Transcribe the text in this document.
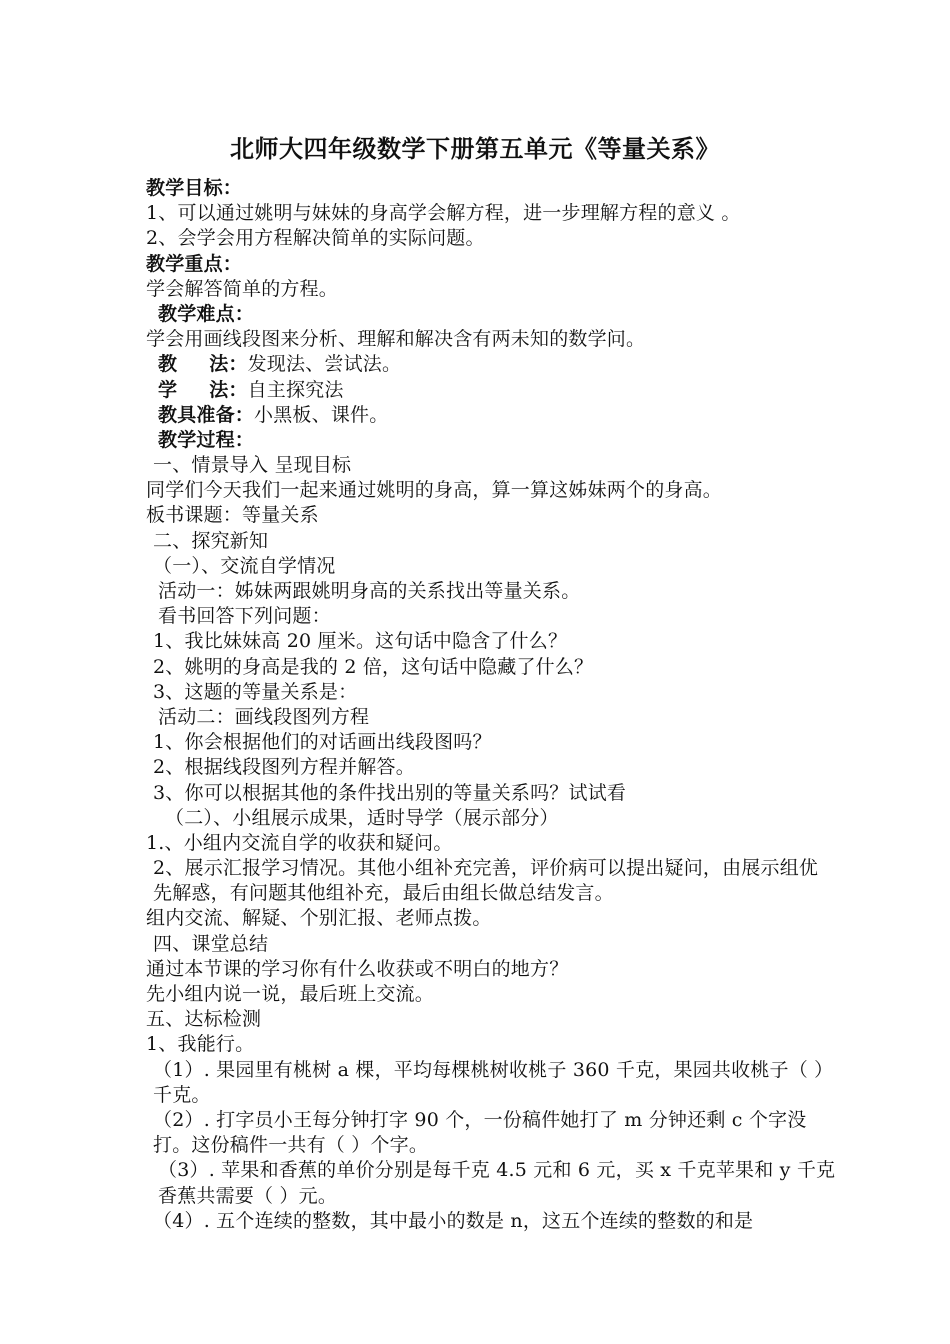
北师大四年级数学下册第五单元《等量关系》
教学目标：
1、可以通过姚明与妹妹的身高学会解方程，进一步理解方程的意义 。
2、会学会用方程解决简单的实际问题。
教学重点：
学会解答简单的方程。
教学难点：
学会用画线段图来分析、理解和解决含有两未知的数学问。
教 法：发现法、尝试法。
学 法：自主探究法
教具准备：小黑板、课件。
教学过程：
一、情景导入 呈现目标
同学们今天我们一起来通过姚明的身高，算一算这姊妹两个的身高。
板书课题：等量关系
二、探究新知
（一）、交流自学情况
活动一：姊妹两跟姚明身高的关系找出等量关系。
看书回答下列问题：
1、我比妹妹高 20 厘米。这句话中隐含了什么？
2、姚明的身高是我的 2 倍，这句话中隐藏了什么？
3、这题的等量关系是：
活动二：画线段图列方程
1、你会根据他们的对话画出线段图吗？
2、根据线段图列方程并解答。
3、你可以根据其他的条件找出别的等量关系吗？试试看
（二）、小组展示成果，适时导学（展示部分）
1.、小组内交流自学的收获和疑问。
2、展示汇报学习情况。其他小组补充完善，评价病可以提出疑问，由展示组优先解惑，有问题其他组补充，最后由组长做总结发言。
组内交流、解疑、个别汇报、老师点拨。
四、课堂总结
通过本节课的学习你有什么收获或不明白的地方？
先小组内说一说，最后班上交流。
五、达标检测
1、我能行。
（1）. 果园里有桃树 a 棵，平均每棵桃树收桃子 360 千克，果园共收桃子（ ）千克。
（2）. 打字员小王每分钟打字 90 个，一份稿件她打了 m 分钟还剩 c 个字没打。这份稿件一共有（ ）个字。
（3）. 苹果和香蕉的单价分别是每千克 4.5 元和 6 元，买 x 千克苹果和 y 千克香蕉共需要（ ）元。
（4）. 五个连续的整数，其中最小的数是 n，这五个连续的整数的和是
